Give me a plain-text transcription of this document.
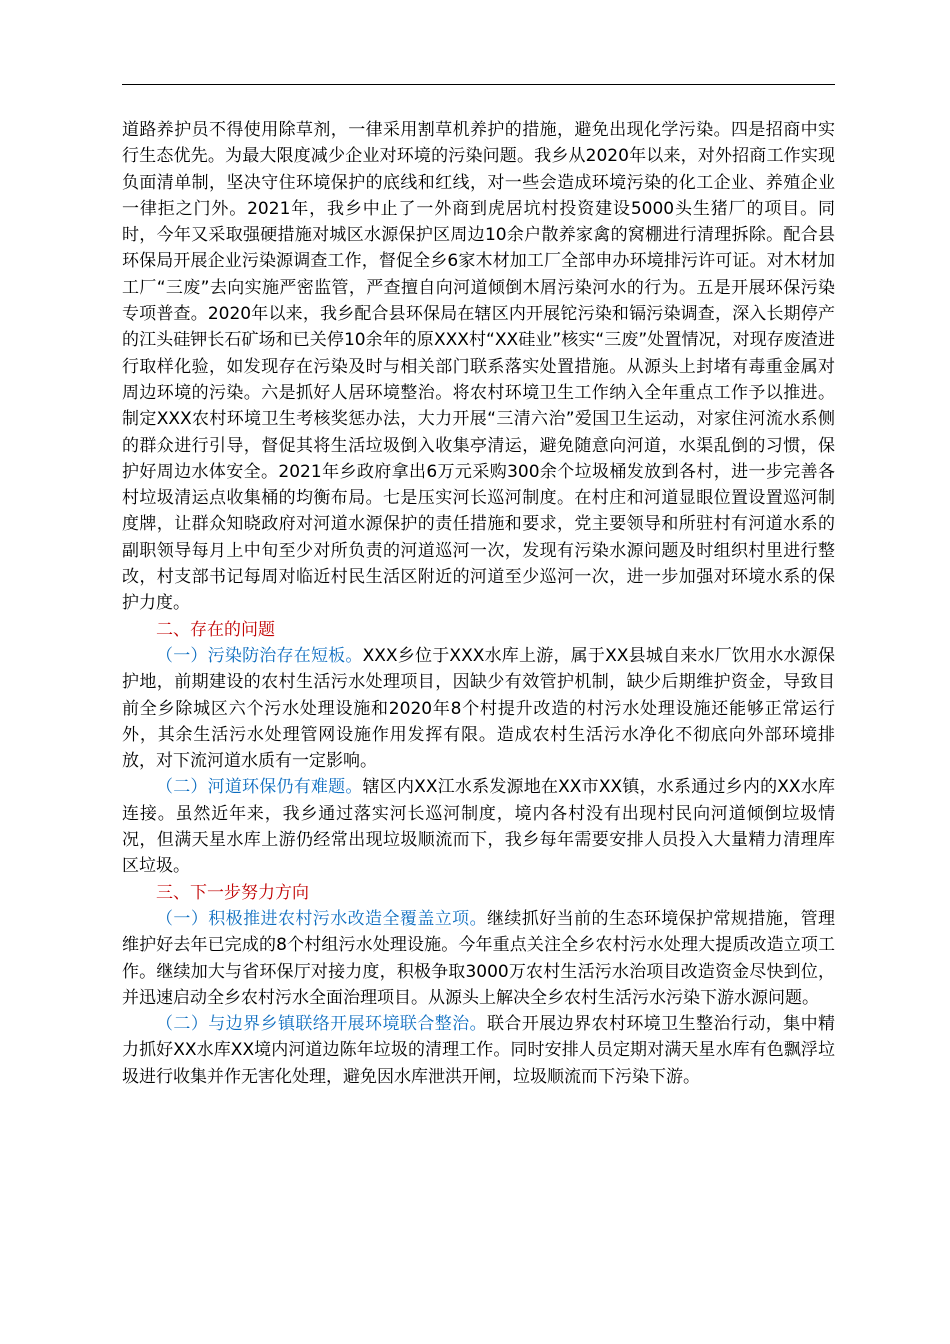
道路养护员不得使用除草剂，一律采用割草机养护的措施，避免出现化学污染。四是招商中实行生态优先。为最大限度减少企业对环境的污染问题。我乡从2020年以来，对外招商工作实现负面清单制，坚决守住环境保护的底线和红线，对一些会造成环境污染的化工企业、养殖企业一律拒之门外。2021年，我乡中止了一外商到虎居坑村投资建设5000头生猪厂的项目。同时，今年又采取强硬措施对城区水源保护区周边10余户散养家禽的窝棚进行清理拆除。配合县环保局开展企业污染源调查工作，督促全乡6家木材加工厂全部申办环境排污许可证。对木材加工厂“三废”去向实施严密监管，严查擅自向河道倾倒木屑污染河水的行为。五是开展环保污染专项普查。2020年以来，我乡配合县环保局在辖区内开展铊污染和镉污染调查，深入长期停产的江头硅钾长石矿场和已关停10余年的原XXX村“XX硅业”核实“三废”处置情况，对现存废渣进行取样化验，如发现存在污染及时与相关部门联系落实处置措施。从源头上封堵有毒重金属对周边环境的污染。六是抓好人居环境整治。将农村环境卫生工作纳入全年重点工作予以推进。制定XXX农村环境卫生考核奖惩办法，大力开展“三清六治”爱国卫生运动，对家住河流水系侧的群众进行引导，督促其将生活垃圾倒入收集亭清运，避免随意向河道，水渠乱倒的习惯，保护好周边水体安全。2021年乡政府拿出6万元采购300余个垃圾桶发放到各村，进一步完善各村垃圾清运点收集桶的均衡布局。七是压实河长巡河制度。在村庄和河道显眼位置设置巡河制度牌，让群众知晓政府对河道水源保护的责任措施和要求，党主要领导和所驻村有河道水系的副职领导每月上中旬至少对所负责的河道巡河一次，发现有污染水源问题及时组织村里进行整改，村支部书记每周对临近村民生活区附近的河道至少巡河一次，进一步加强对环境水系的保护力度。

二、存在的问题

（一）污染防治存在短板。XXX乡位于XXX水库上游，属于XX县城自来水厂饮用水水源保护地，前期建设的农村生活污水处理项目，因缺少有效管护机制，缺少后期维护资金，导致目前全乡除城区六个污水处理设施和2020年8个村提升改造的村污水处理设施还能够正常运行外，其余生活污水处理管网设施作用发挥有限。造成农村生活污水净化不彻底向外部环境排放，对下流河道水质有一定影响。

（二）河道环保仍有难题。辖区内XX江水系发源地在XX市XX镇，水系通过乡内的XX水库连接。虽然近年来，我乡通过落实河长巡河制度，境内各村没有出现村民向河道倾倒垃圾情况，但满天星水库上游仍经常出现垃圾顺流而下，我乡每年需要安排人员投入大量精力清理库区垃圾。

三、下一步努力方向

（一）积极推进农村污水改造全覆盖立项。继续抓好当前的生态环境保护常规措施，管理维护好去年已完成的8个村组污水处理设施。今年重点关注全乡农村污水处理大提质改造立项工作。继续加大与省环保厅对接力度，积极争取3000万农村生活污水治项目改造资金尽快到位，并迅速启动全乡农村污水全面治理项目。从源头上解决全乡农村生活污水污染下游水源问题。

（二）与边界乡镇联络开展环境联合整治。联合开展边界农村环境卫生整治行动，集中精力抓好XX水库XX境内河道边陈年垃圾的清理工作。同时安排人员定期对满天星水库有色飘浮垃圾进行收集并作无害化处理，避免因水库泄洪开闸，垃圾顺流而下污染下游。
